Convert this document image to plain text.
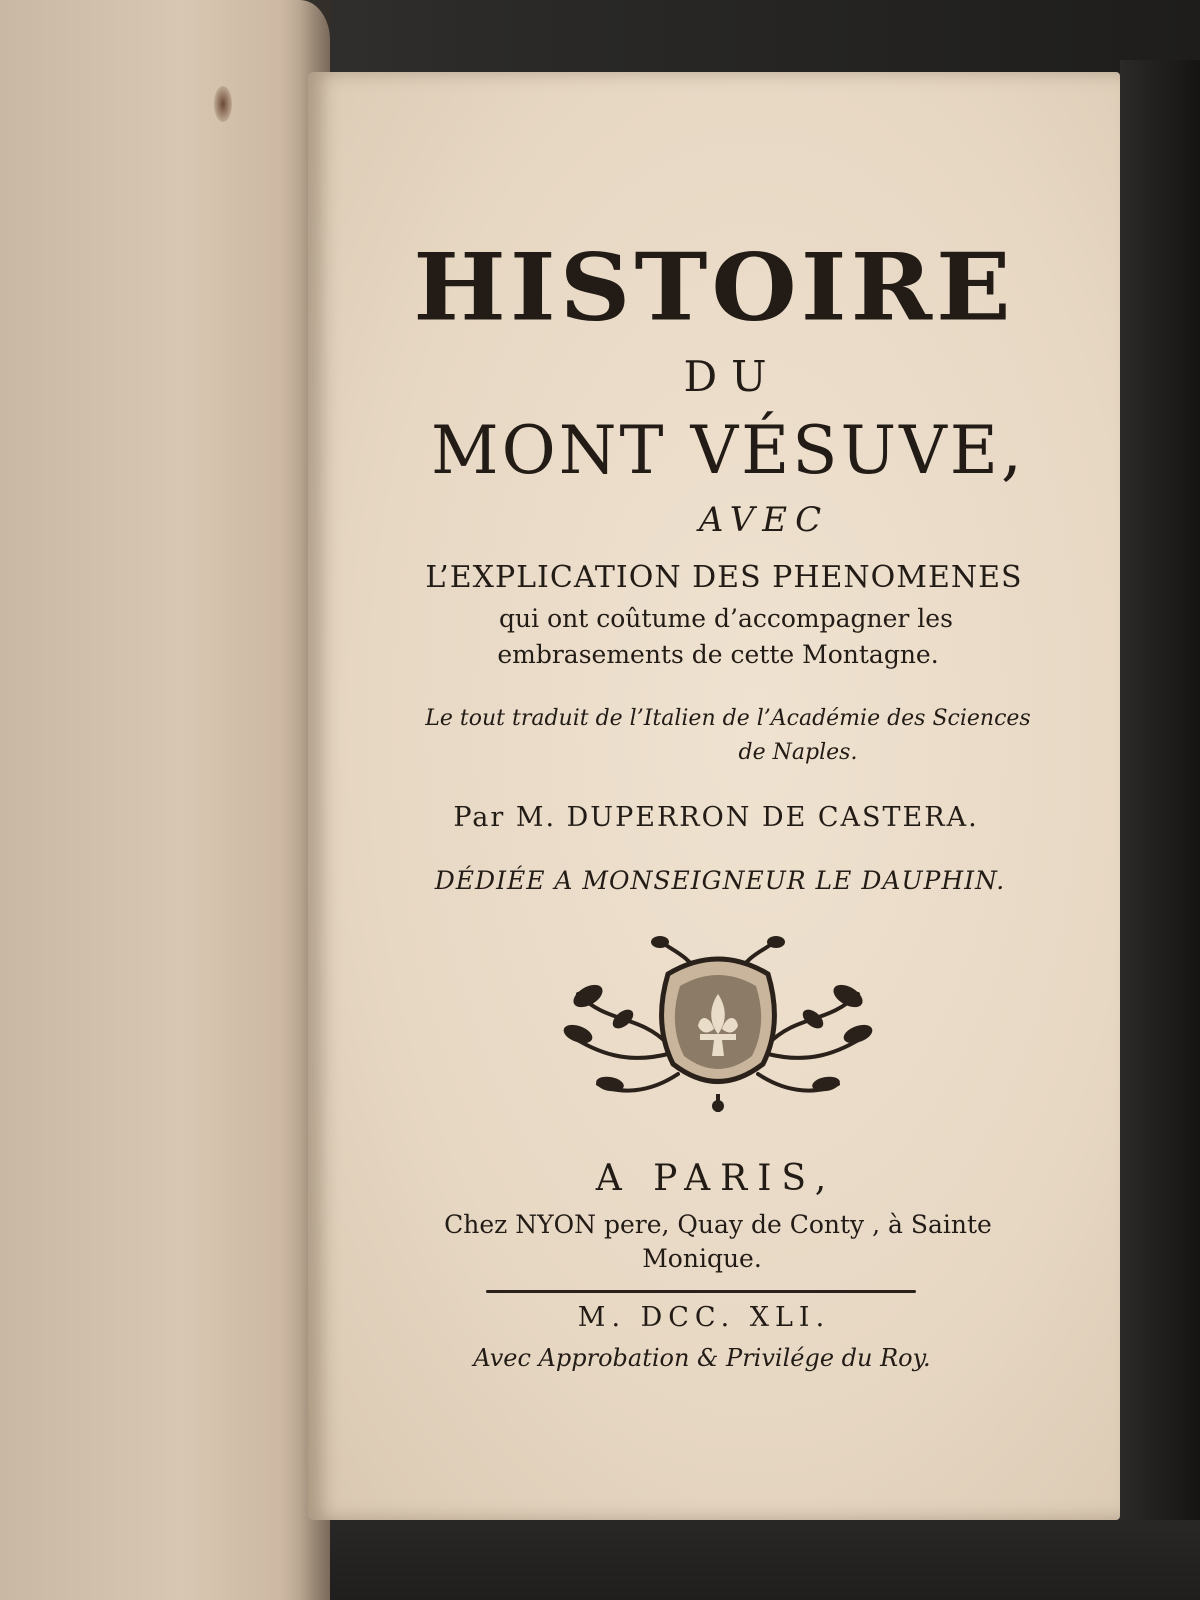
HISTOIRE
DU
MONT VÉSUVE,
AVEC
L’EXPLICATION DES PHENOMENES
qui ont coûtume d’accompagner les
embrasements de cette Montagne.
Le tout traduit de l’Italien de l’Académie des Sciences
de Naples.
Par M. DUPERRON DE CASTERA.
DÉDIÉE A MONSEIGNEUR LE DAUPHIN.
A PARIS,
Chez NYON pere, Quay de Conty , à Sainte
Monique.
M. DCC. XLI.
Avec Approbation & Privilége du Roy.
